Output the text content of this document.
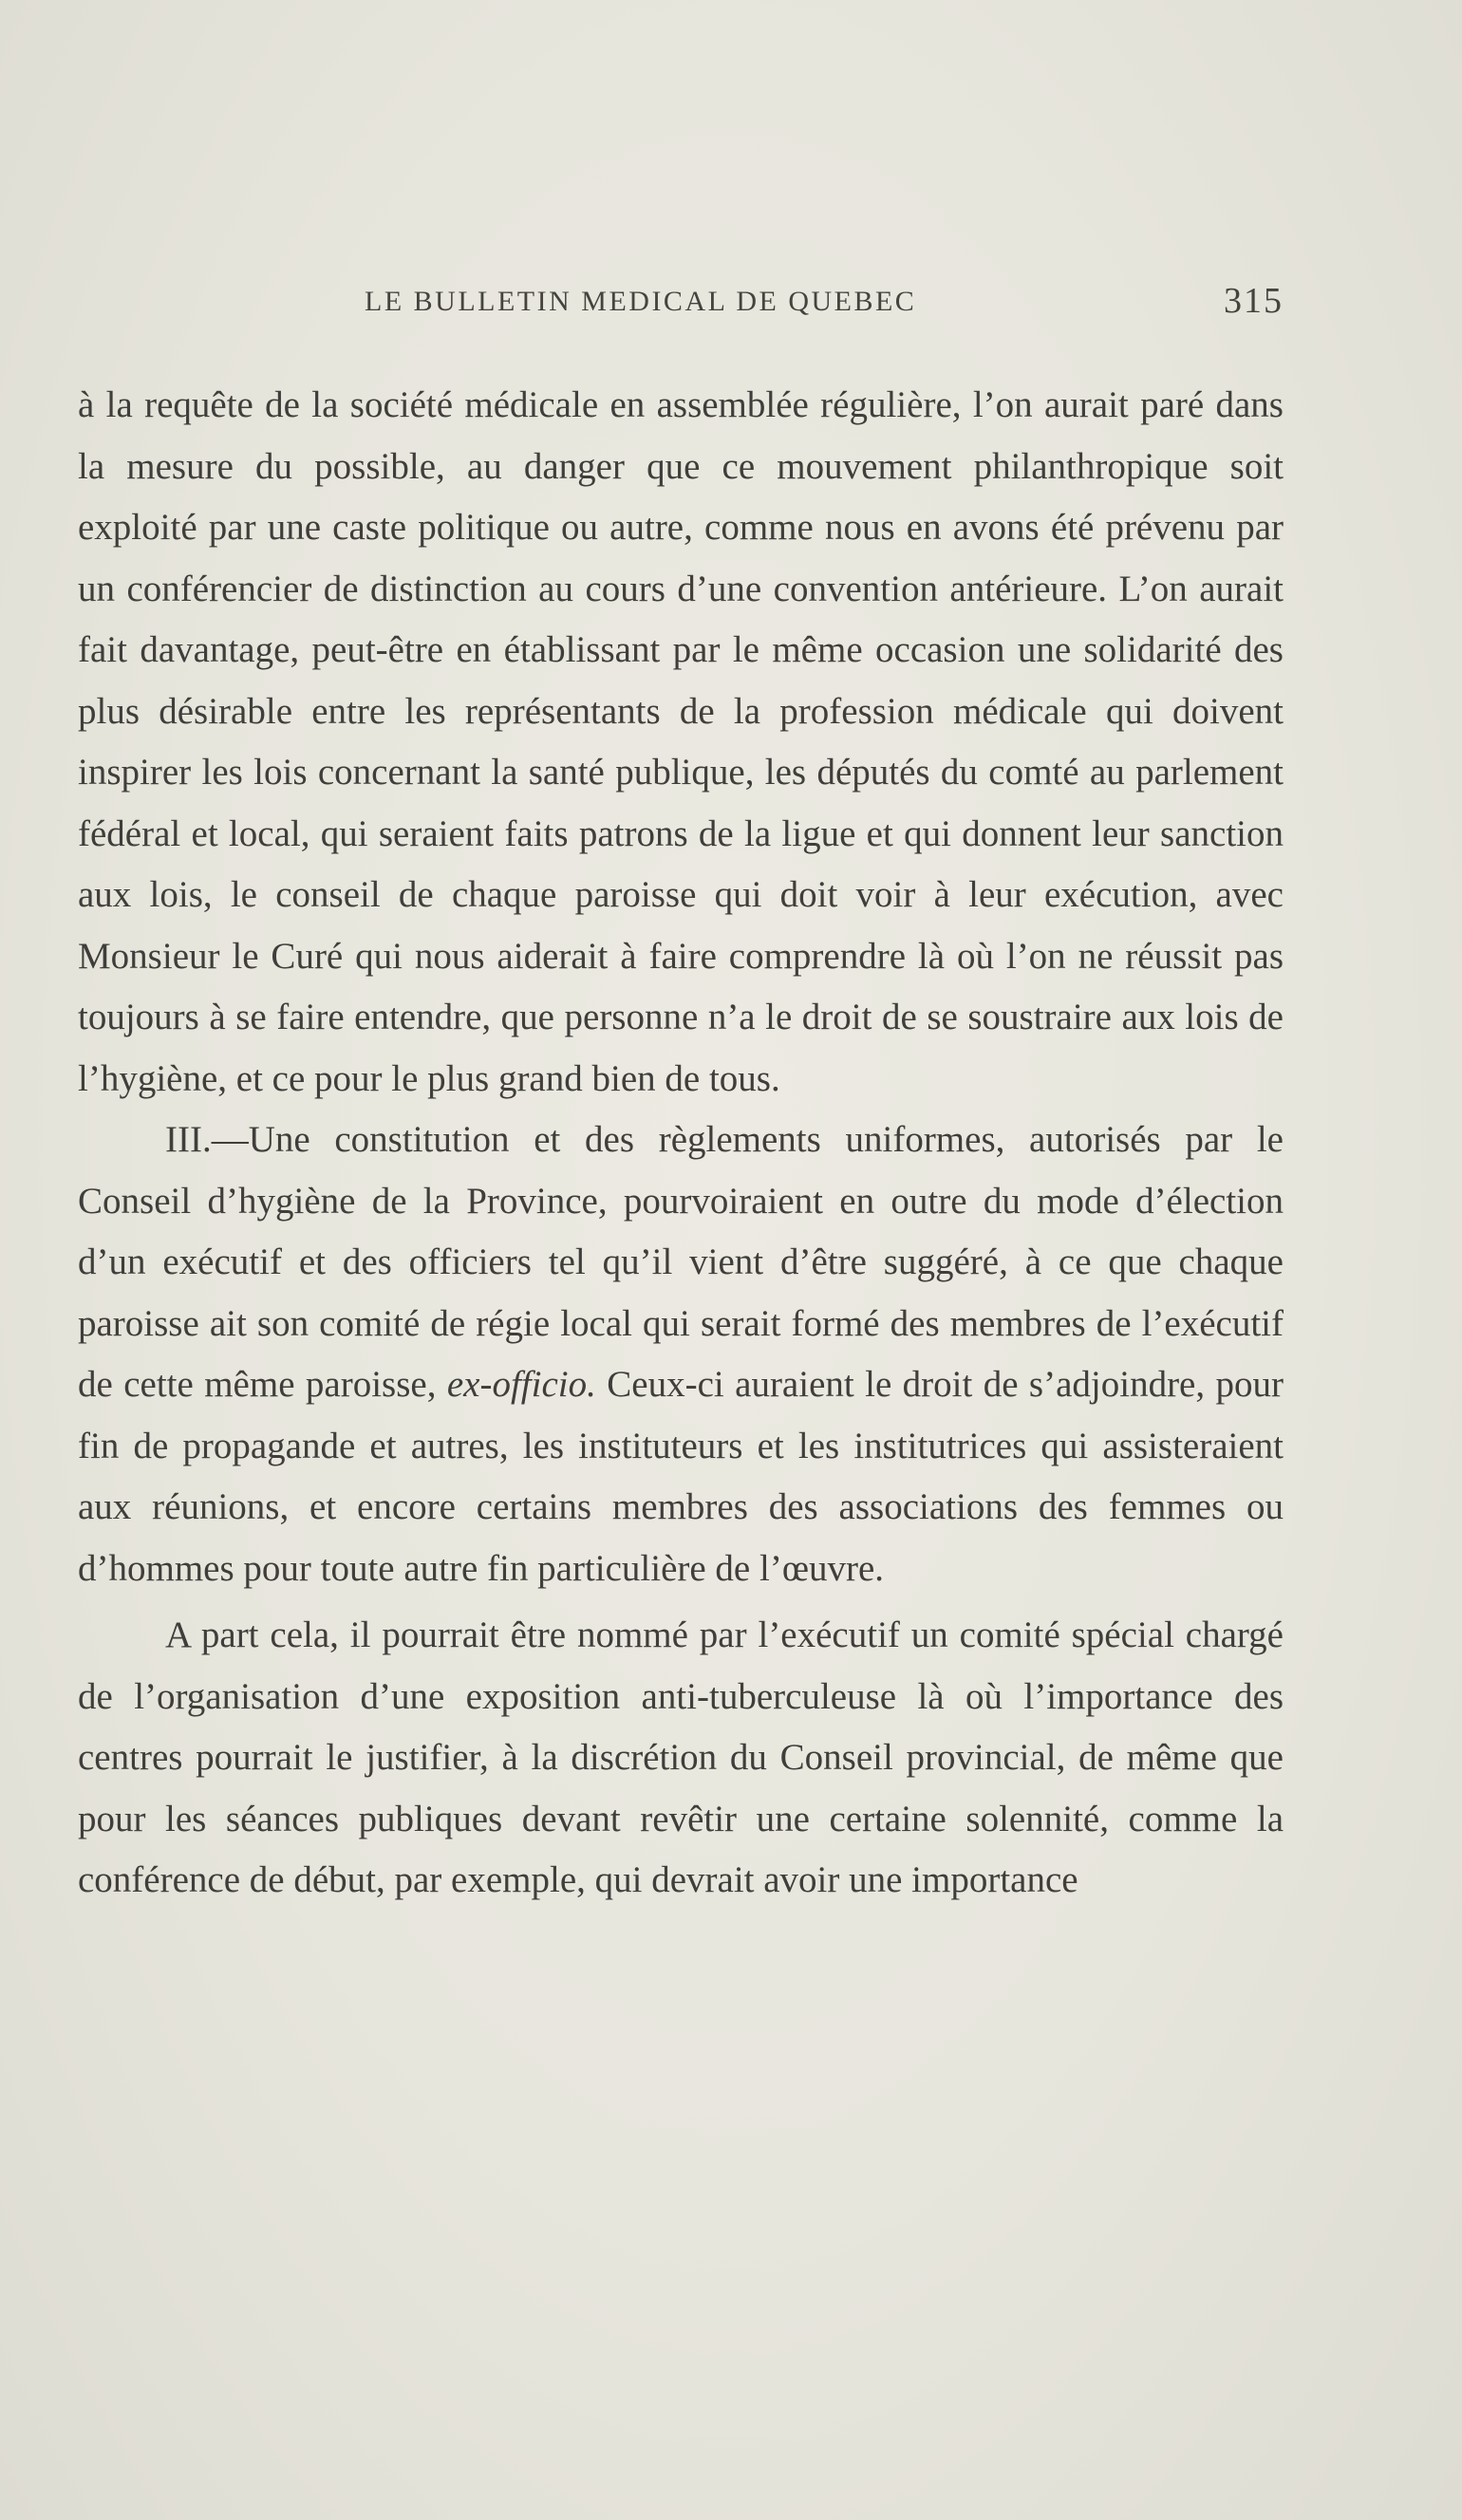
LE BULLETIN MEDICAL DE QUEBEC	315

à la requête de la société médicale en assemblée régulière, l’on aurait paré dans la mesure du possible, au danger que ce mouvement philanthropique soit exploité par une caste politique ou autre, comme nous en avons été prévenu par un conférencier de distinction au cours d’une convention antérieure. L’on aurait fait davantage, peut-être en établissant par le même occasion une solidarité des plus désirable entre les représentants de la profession médicale qui doivent inspirer les lois concernant la santé publique, les députés du comté au parlement fédéral et local, qui seraient faits patrons de la ligue et qui donnent leur sanction aux lois, le conseil de chaque paroisse qui doit voir à leur exécution, avec Monsieur le Curé qui nous aiderait à faire comprendre là où l’on ne réussit pas toujours à se faire entendre, que personne n’a le droit de se soustraire aux lois de l’hygiène, et ce pour le plus grand bien de tous.

III.—Une constitution et des règlements uniformes, autorisés par le Conseil d’hygiène de la Province, pourvoiraient en outre du mode d’élection d’un exécutif et des officiers tel qu’il vient d’être suggéré, à ce que chaque paroisse ait son comité de régie local qui serait formé des membres de l’exécutif de cette même paroisse, ex-officio. Ceux-ci auraient le droit de s’adjoindre, pour fin de propagande et autres, les instituteurs et les institutrices qui assisteraient aux réunions, et encore certains membres des associations des femmes ou d’hommes pour toute autre fin particulière de l’œuvre.

A part cela, il pourrait être nommé par l’exécutif un comité spécial chargé de l’organisation d’une exposition anti-tuberculeuse là où l’importance des centres pourrait le justifier, à la discrétion du Conseil provincial, de même que pour les séances publiques devant revêtir une certaine solennité, comme la conférence de début, par exemple, qui devrait avoir une importance
